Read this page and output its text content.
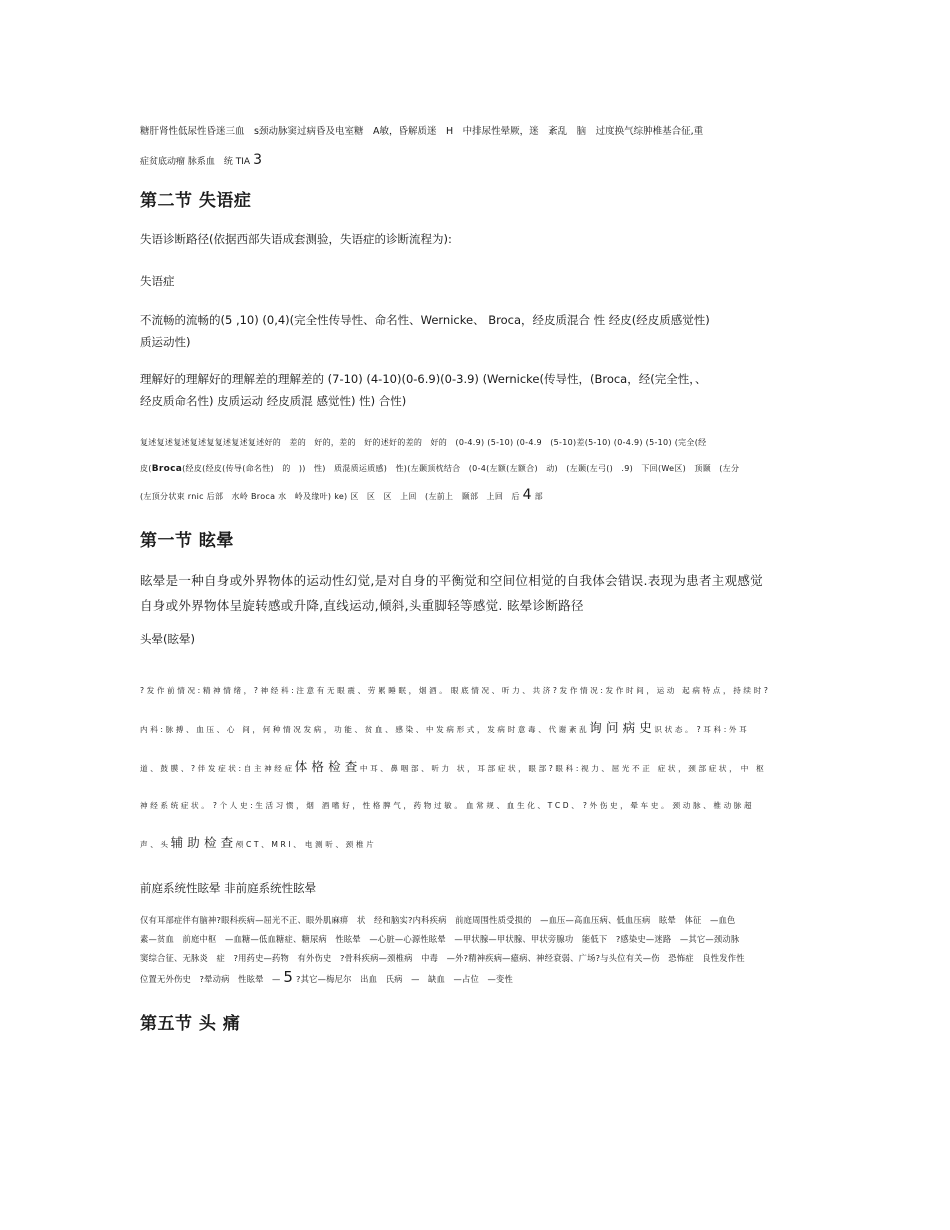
糖肝肾性低尿性昏迷三血　s颈动脉窦过病昏及电室糖　A敏，昏解质迷　H　中排尿性晕厥，迷　紊乱　脑　过度换气综肿椎基合征,重
症贫底动瘤 脉系血　统 TIA 3
第二节 失语症

失语诊断路径(依据西部失语成套测验，失语症的诊断流程为):

失语症

不流畅的流畅的(5 ,10) (0,4)(完全性传导性、命名性、Wernicke、 Broca，经皮质混合 性 经皮(经皮质感觉性)
质运动性)
理解好的理解好的理解差的理解差的 (7-10) (4-10)(0-6.9)(0-3.9) (Wernicke(传导性，(Broca，经(完全性，、
经皮质命名性) 皮质运动 经皮质混 感觉性) 性) 合性)
复述复述复述复述复复述复述复述好的　差的　好的，差的　好的述好的差的　好的　(0-4.9) (5-10) (0-4.9　(5-10)差(5-10) (0-4.9) (5-10) (完全(经
皮(Broca(经皮(经皮(传导(命名性)　的　))　性)　质混质运质感)　性)(左颞顶枕结合　(0-4(左额(左额合)　动)　(左颞(左弓()　.9)　下回(We区)　顶颞　(左分
(左顶分状束 rnic 后部　水岭 Broca 水　岭及缘叶) ke) 区　区　区　上回　(左前上　颞部　上回　后 4 部
第一节 眩晕
眩晕是一种自身或外界物体的运动性幻觉,是对自身的平衡觉和空间位相觉的自我体会错误.表现为患者主观感觉
自身或外界物体呈旋转感或升降,直线运动,倾斜,头重脚轻等感觉. 眩晕诊断路径

头晕(眩晕)

? 发 作 前 情 况 : 精 神 情 绪 ， ? 神 经 科 : 注 意 有 无 眼 震 、 劳 累 睡 眠 ， 烟 酒 。　眼 底 情 况 、 听 力 、 共 济 ? 发 作 情 况 : 发 作 时 间 ， 运 动　起 病 特 点 ， 持 续 时 ?
内 科 : 脉 搏 、 血 压 、 心　间 ， 何 种 情 况 发 病 ， 功 能 、 贫 血 、 感 染 、 中 发 病 形 式 ， 发 病 时 意 毒 、 代 谢 紊 乱 询 问 病 史 识 状 态 。　? 耳 科 : 外 耳
道 、 鼓 膜 、 ? 伴 发 症 状 : 自 主 神 经 症 体 格 检 查 中 耳 、 鼻 咽 部 、 听 力　状 ， 耳 部 症 状 ， 眼 部 ? 眼 科 : 视 力 、 屈 光 不 正　症 状 ， 颈 部 症 状 ，　中　枢
神 经 系 统 症 状 。　? 个 人 史 : 生 活 习 惯 ， 烟　酒 嗜 好 ， 性 格 脾 气 ， 药 物 过 敏 。　血 常 规 、 血 生 化 、 T C D 、　? 外 伤 史 ， 晕 车 史 。　颈 动 脉 、 椎 动 脉 超
声 、 头 辅 助 检 查 颅 C T 、 M R I 、　电 测 听 、 颈 椎 片

前庭系统性眩晕 非前庭系统性眩晕

仅有耳部症伴有脑神?眼科疾病—屈光不正、眼外肌麻痹　状　经和脑实?内科疾病　前庭周围性质受损的　—血压—高血压病、低血压病　眩晕　体征　—血色
素—贫血　前庭中枢　—血糖—低血糖症、糖尿病　性眩晕　—心脏—心源性眩晕　—甲状腺—甲状腺、甲状旁腺功　能低下　?感染史—迷路　—其它—颈动脉
窦综合征、无脉炎　症　?用药史—药物　有外伤史　?骨科疾病—颈椎病　中毒　—外?精神疾病—癔病、神经衰弱、广场?与头位有关—伤　恐怖症　良性发作性
位置无外伤史　?晕动病　性眩晕　— 5 ?其它—梅尼尔　出血　氏病　—　缺血　—占位　—变性
第五节 头 痛
